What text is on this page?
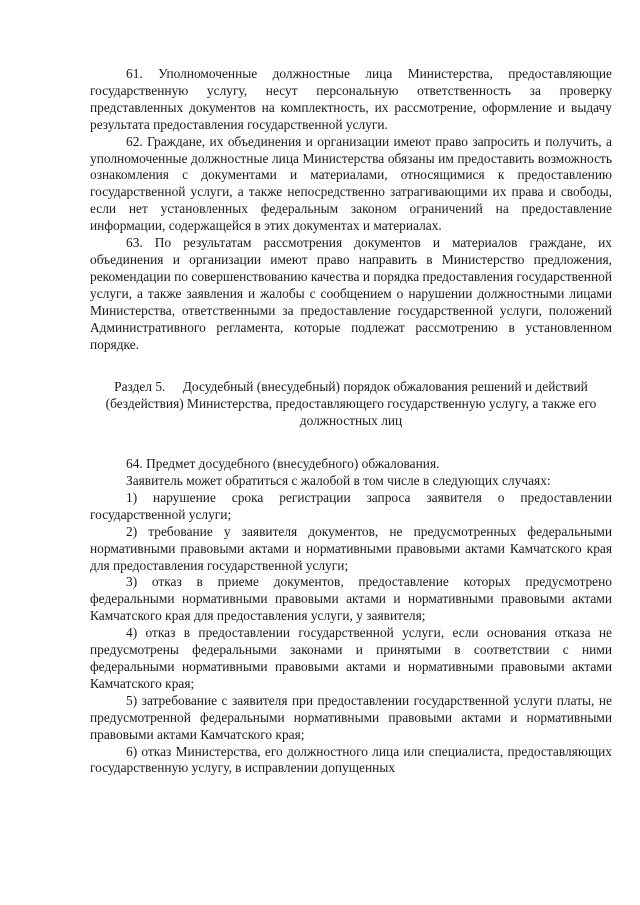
61. Уполномоченные должностные лица Министерства, предоставляющие государственную услугу, несут персональную ответственность за проверку представленных документов на комплектность, их рассмотрение, оформление и выдачу результата предоставления государственной услуги.

62. Граждане, их объединения и организации имеют право запросить и получить, а уполномоченные должностные лица Министерства обязаны им предоставить возможность ознакомления с документами и материалами, относящимися к предоставлению государственной услуги, а также непосредственно затрагивающими их права и свободы, если нет установленных федеральным законом ограничений на предоставление информации, содержащейся в этих документах и материалах.

63. По результатам рассмотрения документов и материалов граждане, их объединения и организации имеют право направить в Министерство предложения, рекомендации по совершенствованию качества и порядка предоставления государственной услуги, а также заявления и жалобы с сообщением о нарушении должностными лицами Министерства, ответственными за предоставление государственной услуги, положений Административного регламента, которые подлежат рассмотрению в установленном порядке.

Раздел 5. Досудебный (внесудебный) порядок обжалования решений и действий (бездействия) Министерства, предоставляющего государственную услугу, а также его должностных лиц

64. Предмет досудебного (внесудебного) обжалования.

Заявитель может обратиться с жалобой в том числе в следующих случаях:

1) нарушение срока регистрации запроса заявителя о предоставлении государственной услуги;

2) требование у заявителя документов, не предусмотренных федеральными нормативными правовыми актами и нормативными правовыми актами Камчатского края для предоставления государственной услуги;

3) отказ в приеме документов, предоставление которых предусмотрено федеральными нормативными правовыми актами и нормативными правовыми актами Камчатского края для предоставления услуги, у заявителя;

4) отказ в предоставлении государственной услуги, если основания отказа не предусмотрены федеральными законами и принятыми в соответствии с ними федеральными нормативными правовыми актами и нормативными правовыми актами Камчатского края;

5) затребование с заявителя при предоставлении государственной услуги платы, не предусмотренной федеральными нормативными правовыми актами и нормативными правовыми актами Камчатского края;

6) отказ Министерства, его должностного лица или специалиста, предоставляющих государственную услугу, в исправлении допущенных
